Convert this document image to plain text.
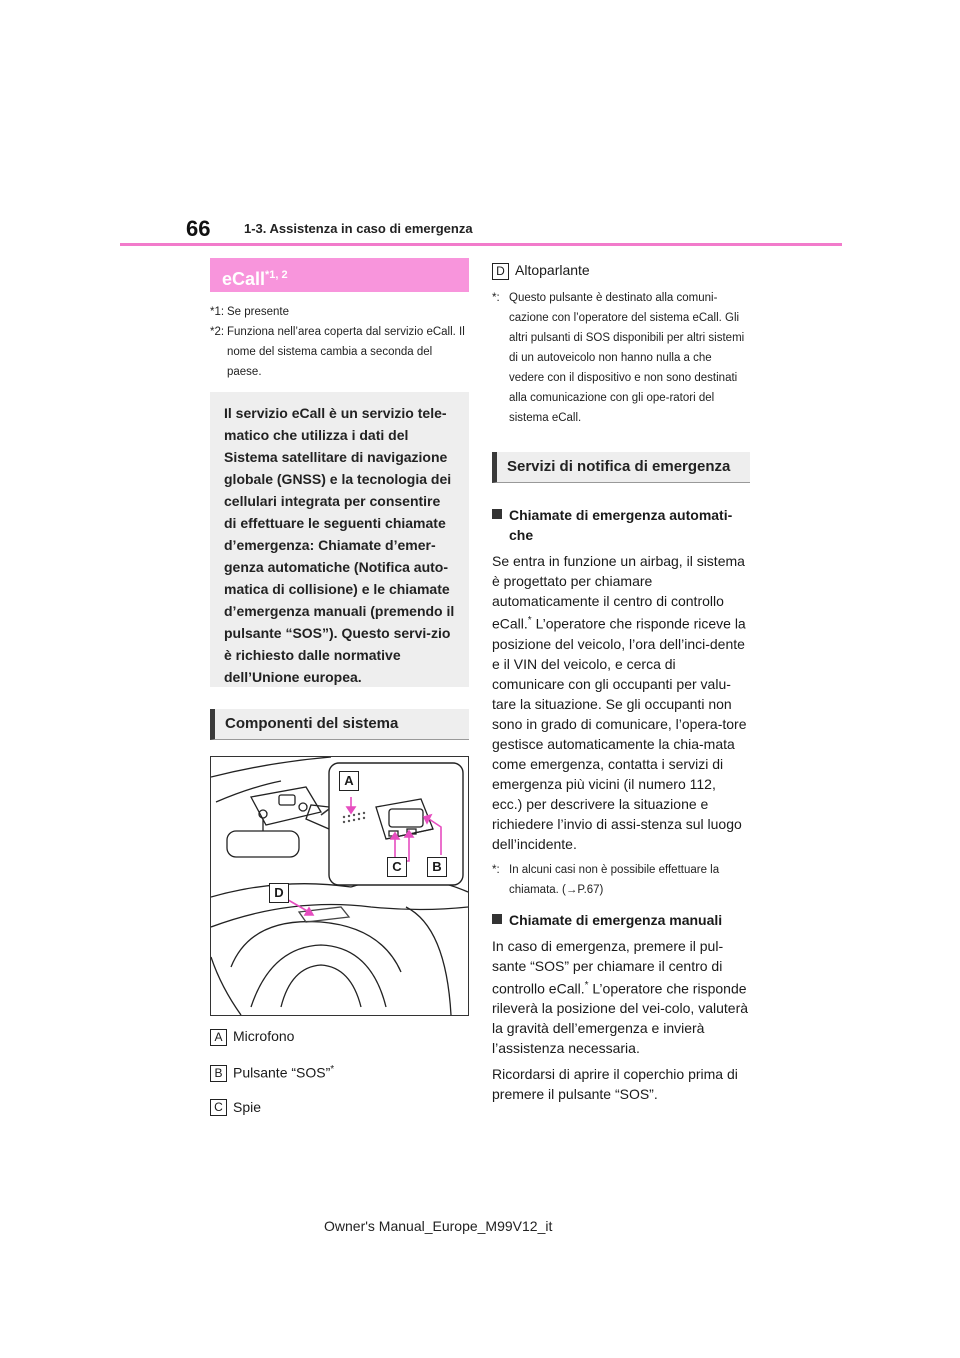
66	1-3. Assistenza in caso di emergenza
eCall$^{*1, 2}$
*1: Se presente
*2: Funziona nell’area coperta dal servizio eCall. Il nome del sistema cambia a seconda del paese.
Il servizio eCall è un servizio tele-matico che utilizza i dati del Sistema satellitare di navigazione globale (GNSS) e la tecnologia dei cellulari integrata per consentire di effettuare le seguenti chiamate d’emergenza: Chiamate d’emer-genza automatiche (Notifica auto-matica di collisione) e le chiamate d’emergenza manuali (premendo il pulsante “SOS”). Questo servi-zio è richiesto dalle normative dell’Unione europea.
Componenti del sistema
A
C	B
D
A Microfono
B Pulsante “SOS”*
C Spie
D Altoparlante
*: Questo pulsante è destinato alla comuni-cazione con l’operatore del sistema eCall. Gli altri pulsanti di SOS disponibili per altri sistemi di un autoveicolo non hanno nulla a che vedere con il dispositivo e non sono destinati alla comunicazione con gli ope-ratori del sistema eCall.
Servizi di notifica di emergenza
Chiamate di emergenza automati-che
Se entra in funzione un airbag, il sistema è progettato per chiamare automaticamente il centro di controllo eCall.* L’operatore che risponde riceve la posizione del veicolo, l’ora dell’inci-dente e il VIN del veicolo, e cerca di comunicare con gli occupanti per valu-tare la situazione. Se gli occupanti non sono in grado di comunicare, l’opera-tore gestisce automaticamente la chia-mata come emergenza, contatta i servizi di emergenza più vicini (il numero 112, ecc.) per descrivere la situazione e richiedere l’invio di assi-stenza sul luogo dell’incidente.
*: In alcuni casi non è possibile effettuare la chiamata. (→P.67)
Chiamate di emergenza manuali
In caso di emergenza, premere il pul-sante “SOS” per chiamare il centro di controllo eCall.* L’operatore che risponde rileverà la posizione del vei-colo, valuterà la gravità dell’emergenza e invierà l’assistenza necessaria.
Ricordarsi di aprire il coperchio prima di premere il pulsante “SOS”.
Owner's Manual_Europe_M99V12_it
